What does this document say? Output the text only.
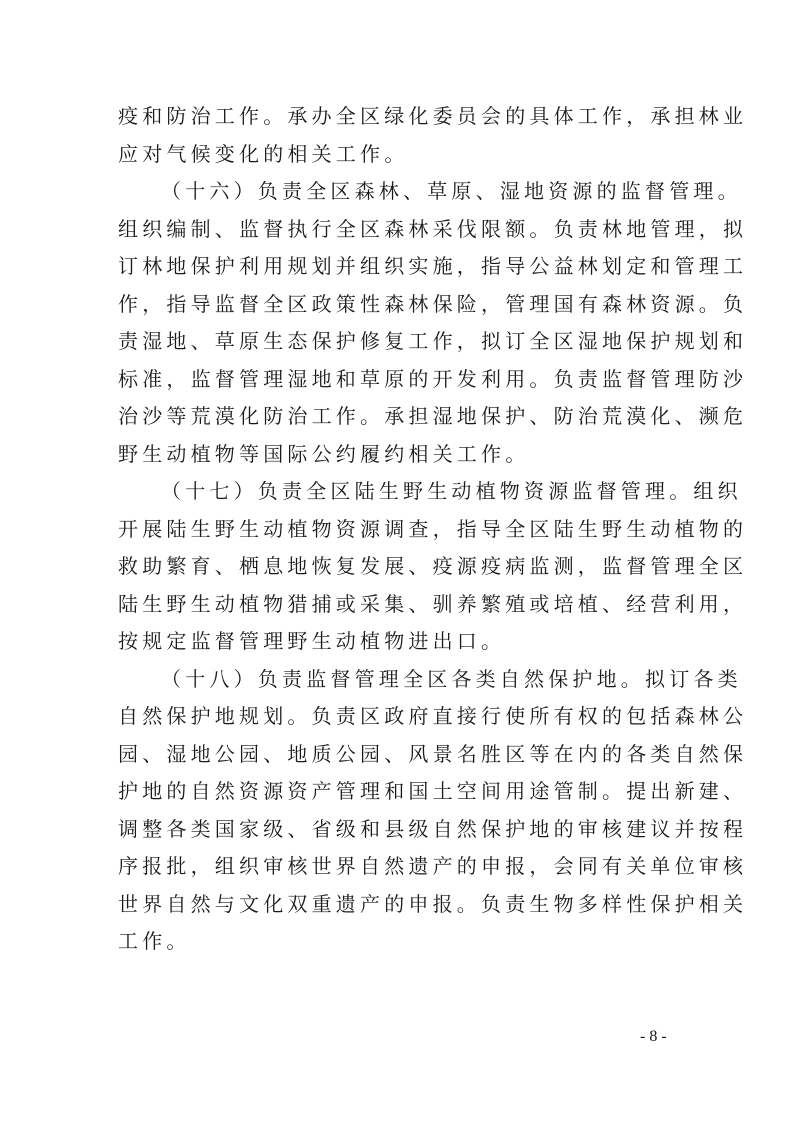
疫和防治工作。承办全区绿化委员会的具体工作，承担林业
应对气候变化的相关工作。
（十六）负责全区森林、草原、湿地资源的监督管理。
组织编制、监督执行全区森林采伐限额。负责林地管理，拟
订林地保护利用规划并组织实施，指导公益林划定和管理工
作，指导监督全区政策性森林保险，管理国有森林资源。负
责湿地、草原生态保护修复工作，拟订全区湿地保护规划和
标准，监督管理湿地和草原的开发利用。负责监督管理防沙
治沙等荒漠化防治工作。承担湿地保护、防治荒漠化、濒危
野生动植物等国际公约履约相关工作。
（十七）负责全区陆生野生动植物资源监督管理。组织
开展陆生野生动植物资源调查，指导全区陆生野生动植物的
救助繁育、栖息地恢复发展、疫源疫病监测，监督管理全区
陆生野生动植物猎捕或采集、驯养繁殖或培植、经营利用，
按规定监督管理野生动植物进出口。
（十八）负责监督管理全区各类自然保护地。拟订各类
自然保护地规划。负责区政府直接行使所有权的包括森林公
园、湿地公园、地质公园、风景名胜区等在内的各类自然保
护地的自然资源资产管理和国土空间用途管制。提出新建、
调整各类国家级、省级和县级自然保护地的审核建议并按程
序报批，组织审核世界自然遗产的申报，会同有关单位审核
世界自然与文化双重遗产的申报。负责生物多样性保护相关
工作。
- 8 -
